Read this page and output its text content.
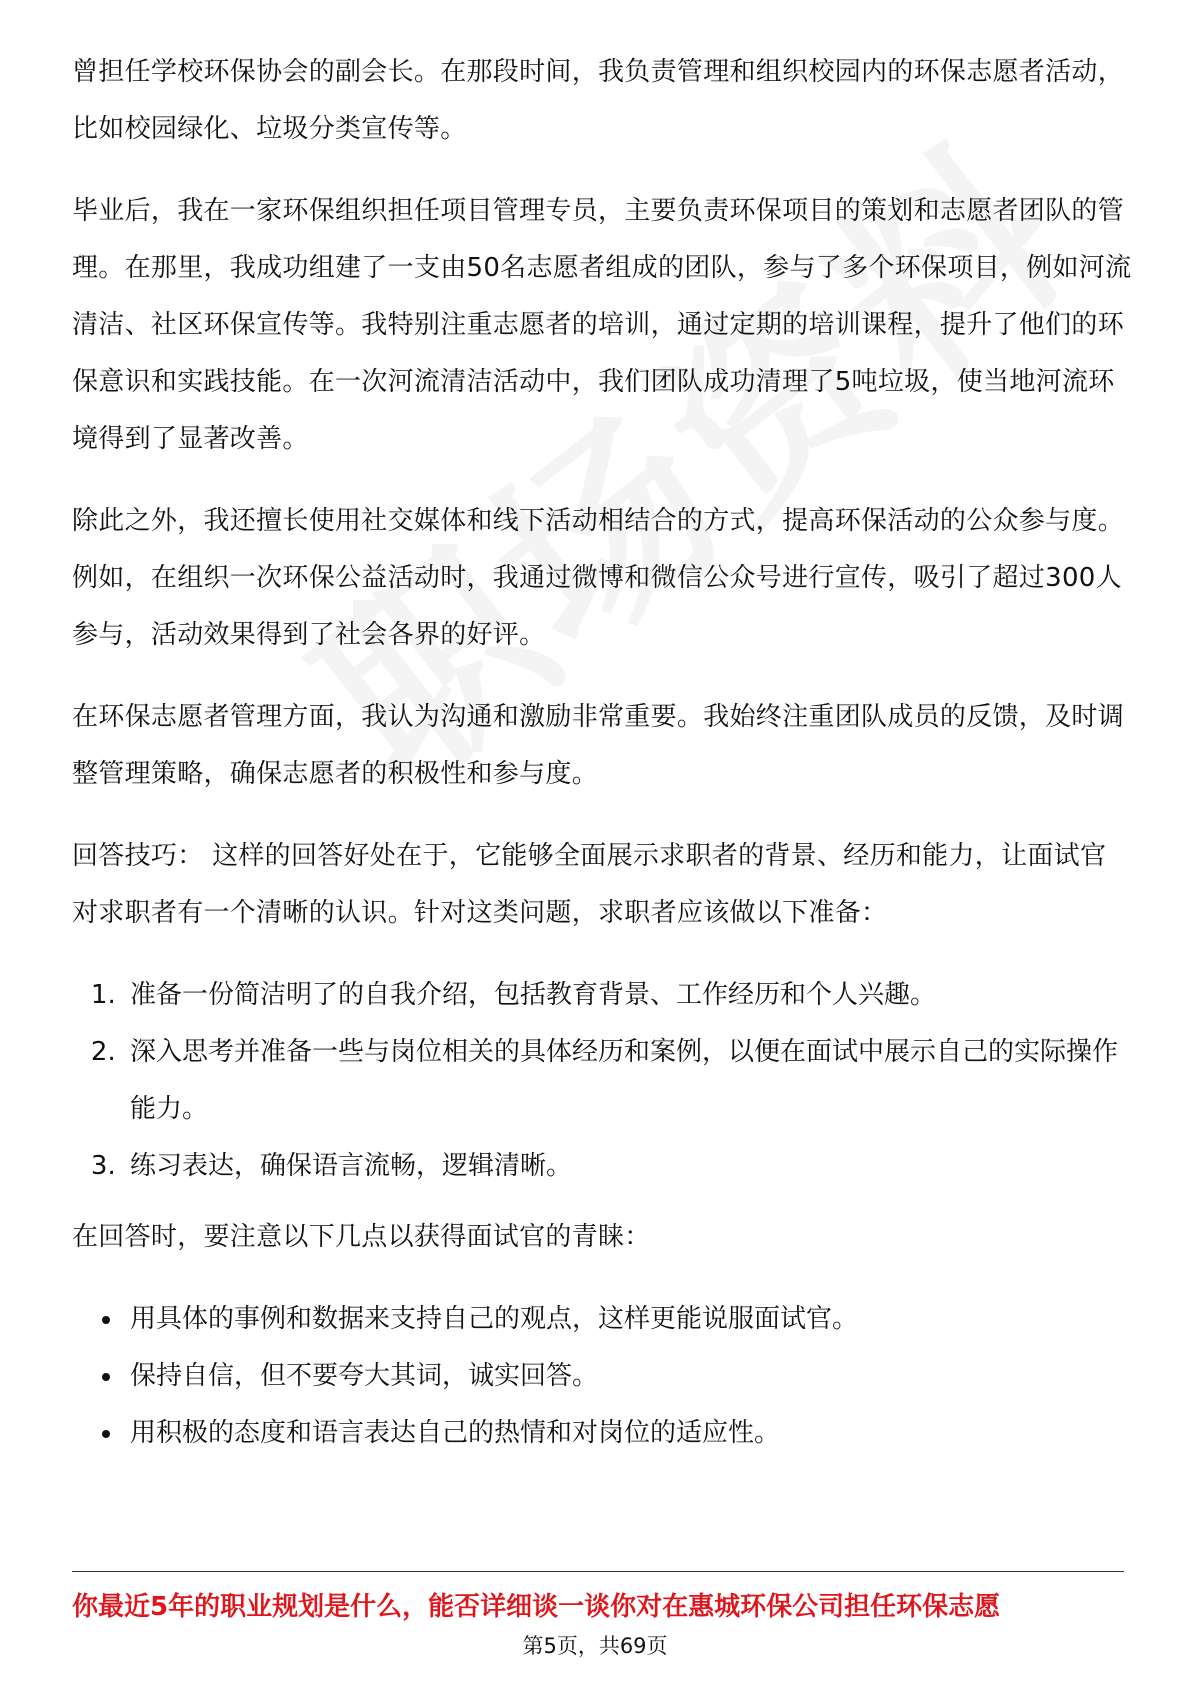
曾担任学校环保协会的副会长。在那段时间，我负责管理和组织校园内的环保志愿者活动，比如校园绿化、垃圾分类宣传等。

毕业后，我在一家环保组织担任项目管理专员，主要负责环保项目的策划和志愿者团队的管理。在那里，我成功组建了一支由50名志愿者组成的团队，参与了多个环保项目，例如河流清洁、社区环保宣传等。我特别注重志愿者的培训，通过定期的培训课程，提升了他们的环保意识和实践技能。在一次河流清洁活动中，我们团队成功清理了5吨垃圾，使当地河流环境得到了显著改善。

除此之外，我还擅长使用社交媒体和线下活动相结合的方式，提高环保活动的公众参与度。例如，在组织一次环保公益活动时，我通过微博和微信公众号进行宣传，吸引了超过300人参与，活动效果得到了社会各界的好评。

在环保志愿者管理方面，我认为沟通和激励非常重要。我始终注重团队成员的反馈，及时调整管理策略，确保志愿者的积极性和参与度。

回答技巧： 这样的回答好处在于，它能够全面展示求职者的背景、经历和能力，让面试官对求职者有一个清晰的认识。针对这类问题，求职者应该做以下准备：

1. 准备一份简洁明了的自我介绍，包括教育背景、工作经历和个人兴趣。
2. 深入思考并准备一些与岗位相关的具体经历和案例，以便在面试中展示自己的实际操作能力。
3. 练习表达，确保语言流畅，逻辑清晰。

在回答时，要注意以下几点以获得面试官的青睐：

• 用具体的事例和数据来支持自己的观点，这样更能说服面试官。
• 保持自信，但不要夸大其词，诚实回答。
• 用积极的态度和语言表达自己的热情和对岗位的适应性。
你最近5年的职业规划是什么，能否详细谈一谈你对在惠城环保公司担任环保志愿
第5页，共69页
